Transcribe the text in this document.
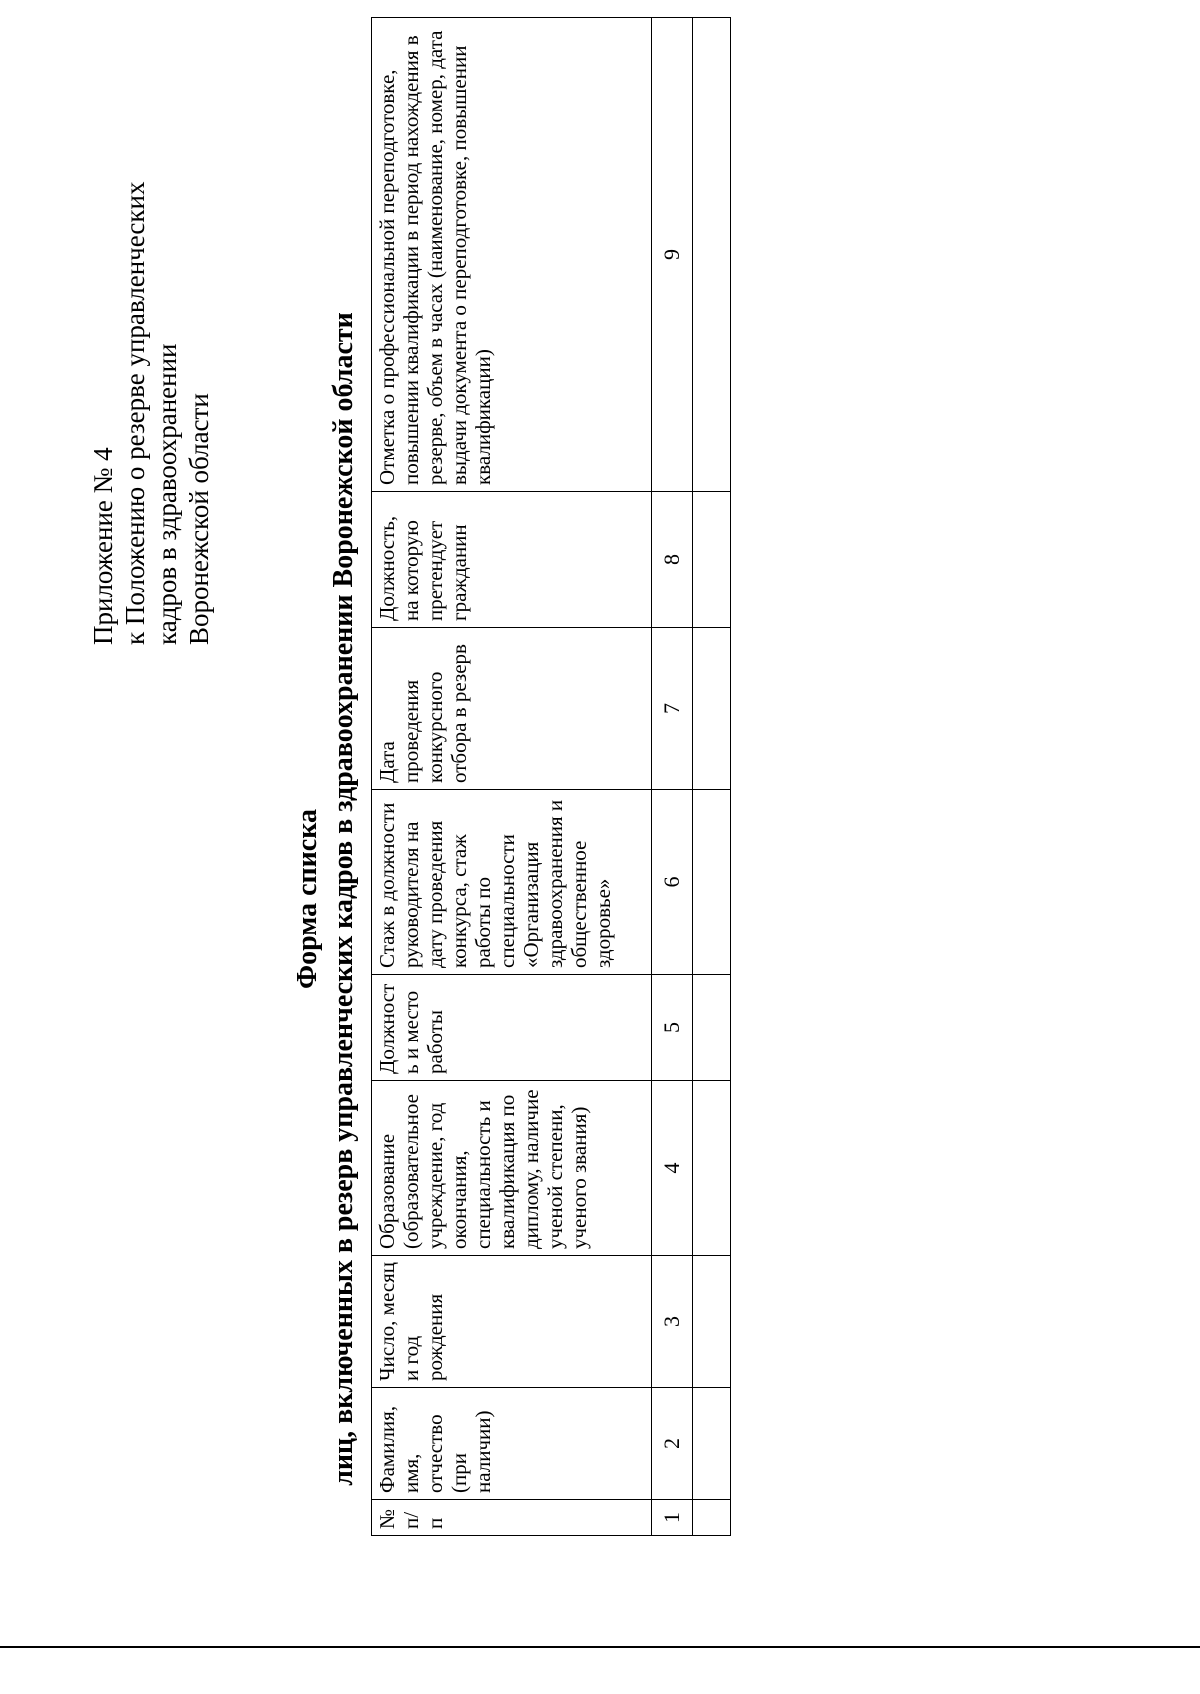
Приложение № 4 к Положению о резерве управленческих кадров в здравоохранении Воронежской области
Форма списка лиц, включенных в резерв управленческих кадров в здравоохранении Воронежской области
№ п/п	Фамилия, имя, отчество (при наличии)	Число, месяц и год рождения	Образование (образовательное учреждение, год окончания, специальность и квалификация по диплому, наличие ученой степени, ученого звания)	Должность и место работы	Стаж в должности руководителя на дату проведения конкурса, стаж работы по специальности «Организация здравоохранения и общественное здоровье»	Дата проведения конкурсного отбора в резерв	Должность, на которую претендует гражданин	Отметка о профессиональной переподготовке, повышении квалификации в период нахождения в резерве, объем в часах (наименование, номер, дата выдачи документа о переподготовке, повышении квалификации)
1	2	3	4	5	6	7	8	9
